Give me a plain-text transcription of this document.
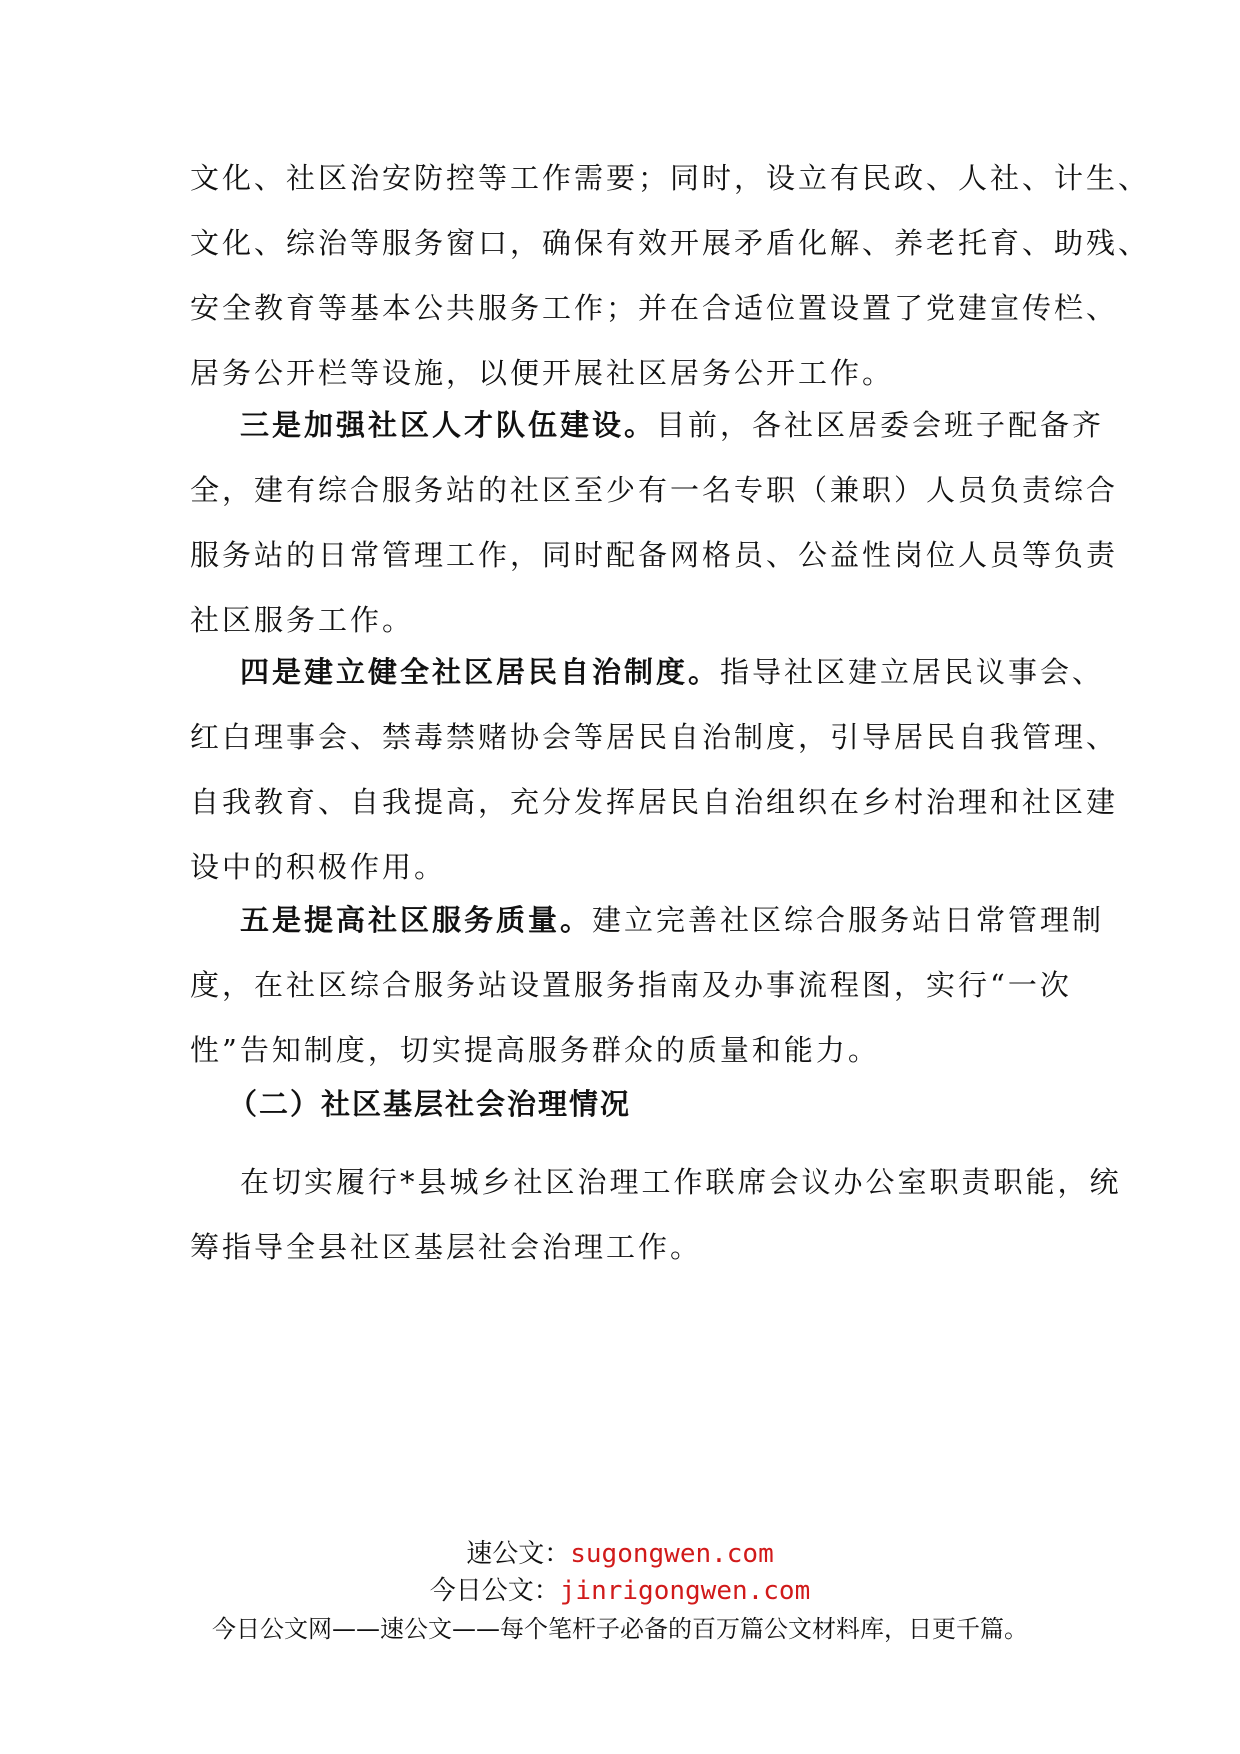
文化、社区治安防控等工作需要；同时，设立有民政、人社、计生、
文化、综治等服务窗口，确保有效开展矛盾化解、养老托育、助残、
安全教育等基本公共服务工作；并在合适位置设置了党建宣传栏、
居务公开栏等设施，以便开展社区居务公开工作。
三是加强社区人才队伍建设。目前，各社区居委会班子配备齐
全，建有综合服务站的社区至少有一名专职（兼职）人员负责综合
服务站的日常管理工作，同时配备网格员、公益性岗位人员等负责
社区服务工作。
四是建立健全社区居民自治制度。指导社区建立居民议事会、
红白理事会、禁毒禁赌协会等居民自治制度，引导居民自我管理、
自我教育、自我提高，充分发挥居民自治组织在乡村治理和社区建
设中的积极作用。
五是提高社区服务质量。建立完善社区综合服务站日常管理制
度，在社区综合服务站设置服务指南及办事流程图，实行“一次
性”告知制度，切实提高服务群众的质量和能力。
（二）社区基层社会治理情况
在切实履行*县城乡社区治理工作联席会议办公室职责职能，统
筹指导全县社区基层社会治理工作。
速公文：sugongwen.com
今日公文：jinrigongwen.com
今日公文网——速公文——每个笔杆子必备的百万篇公文材料库，日更千篇。
